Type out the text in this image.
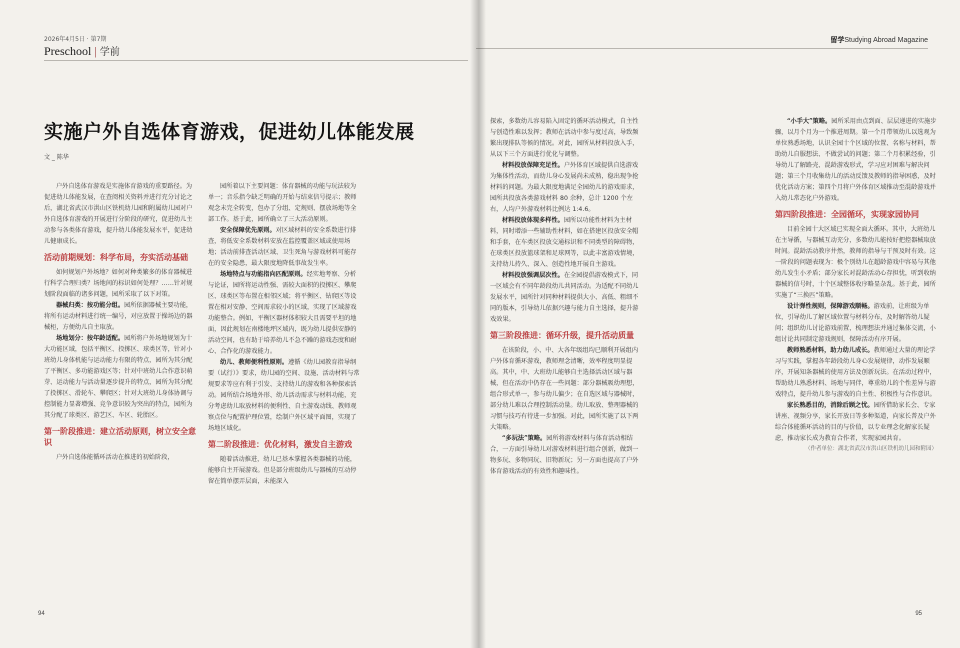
2026年4月5日 · 第7期
Preschool | 学前
实施户外自选体育游戏，促进幼儿体能发展
文 _ 陈华

户外自选体育游戏是实施体育游戏的重要路径。为促进幼儿体能发展，在查阅相关资料并进行充分讨论之后，湖北省武汉市洪山区铁机幼儿园和附属幼儿园对户外自选体育游戏的开展进行分阶段的研究，促进幼儿主动参与各类体育游戏，提升幼儿体能发展水平，促进幼儿健康成长。

活动前期规划：科学布局，夯实活动基础

如何规划户外场地？如何对种类繁多的体育器械进行科学合理归类？场地间的标识如何处理？……针对规划阶段面临的诸多问题，园所采取了以下对策。

器械归类：按功能分组。园所依据器械主要功能，将所有运动材料进行统一编号，对应放置于操场边的器械柜，方便幼儿自主取放。

场地划分：按年龄适配。园所将户外场地规划为十大功能区域，包括平衡区、投掷区、球类区等，针对小班幼儿身体机能与运动能力有限的特点，园所为其分配了平衡区、多功能游戏区等；针对中班幼儿合作意识萌芽、运动能力与活动量逐步提升的特点，园所为其分配了投掷区、滑轮车、攀爬区；针对大班幼儿身体协调与控制能力显著增强、竞争意识较为突出的特点，园所为其分配了球类区、游艺区、车区、轮胎区。

第一阶段推进：建立活动原则，树立安全意识

户外自选体能循环活动在推进的初始阶段，

园所着以下主要问题：体育器械的功能与玩法较为单一；音乐指令缺乏明确的开始与结束信号提示；教师观念未完全转变，包办了分组、定规则、摆放场地等全部工作。基于此，园所确立了三大活动原则。

安全保障优先原则。对区域材料的安全系数进行排查，将低安全系数材料安放在监控覆盖区域或使用场地；活动前排查活动区域、卫生死角与游戏材料可能存在的安全隐患，最大限度地降低事故发生率。

场地特点与功能指向匹配原则。经实地考察、分析与论证，园所将运动性强、需较大面积的投掷区、攀爬区、球类区等布置在相邻区域；将平衡区、钻爬区等设置在相对安静、空间需求较小的区域，实现了区域游戏功能整合。例如，平衡区器材体积较大且需要平坦的地面，因此规划在南楼地坪区域内，既为幼儿提供安静的活动空间，也有助于培养幼儿不急不躁的游戏态度和耐心、合作化的游戏能力。

幼儿、教师便利性原则。遵循《幼儿园教育指导纲要（试行）》要求，幼儿园的空间、设施、活动材料与常规要求等应有利于引发、支持幼儿的游戏和各种探索活动。园所结合场地外形、幼儿活动需求与材料功能，充分考虑幼儿取放材料的便利性、自主游戏动线、教师观察点位与配置护理位置，绘制户外区域平面图，实现了场地区域化。

第二阶段推进：优化材料，激发自主游戏

随着活动推进，幼儿已基本掌握各类器械的功能，能够自主开展游戏。但是部分班级幼儿与器械的互动停留在简单摆弄层面，未能深入

94
留学Studying Abroad Magazine

探索，多数幼儿容易陷入固定的循环活动模式，自主性与创造性难以发挥；教师在活动中参与度过高，导致频繁出现排队等候的情况。对此，园所从材料投放入手，从以下三个方面进行优化与调整。

材料投放保障充足性。户外体育区域提供自选游戏为集体性活动，而幼儿身心发展尚未成熟，稳出现争抢材料的问题。为最大限度地满足全园幼儿的游戏需求，园所共投放各类游戏材料 80 余种，总计 1200 个左右，人均户外游戏材料比例达 1:4.6。

材料投放体现多样性。园所以功能性材料为主材料，同时增添一些辅助性材料，如在搭建区投放安全帽和手套，在车类区投放交通标识和不同类型的障碍物，在球类区投放篮球架和足球网等，以此丰富游戏情境，支持幼儿持久、深入、创造性地开展自主游戏。

材料投放强调层次性。在全园提倡游戏模式下，同一区域会有不同年龄段幼儿共同活动。为适配不同幼儿发展水平，园所针对同种材料提供大小、高低、粗细不同的版本，引导幼儿依据兴趣与能力自主选择，提升游戏效果。

第三阶段推进：循环升级，提升活动质量

在该阶段，小、中、大各年级组均已顺利开展组内户外体育循环游戏，教师理念清晰，效率程度明显提高。其中，中、大班幼儿能够自主选择活动区域与器械，但在活动中仍存在一些问题：部分器械吸幼理想，组合形式单一，参与幼儿偏少；在自选区域与器械时，部分幼儿难以合理控制活动量。幼儿取放、整理器械的习惯与技巧有待进一步加强。对此，园所实施了以下两大策略。

“多玩法”策略。园所将游戏材料与体育活动相结合，一方面引导幼儿对游戏材料进行组合创新，做到一物多玩、多物同玩、旧物新玩；另一方面也提高了户外体育游戏活动的有效性和趣味性。

“小手大”策略。园所采用由点到面、层层递进的实施步骤，以月个月为一个推进周期。第一个月带领幼儿以选观为单位熟悉场地，认识全园十个区域的位置、名称与材料，帮助幼儿自服想法、不做尝试的问题；第二个月积累经验，引导幼儿了解路壳、混龄游戏形式，学习应对困难与解决问题；第三个月收集幼儿的活动反馈及教师的指导困惑，及时优化活动方案；第四个月将户外体育区域推动至混龄游戏并入幼儿常态化户外游戏。

第四阶段推进：全园循环，实现家园协同

目前全园十大区域已实现全面大循环。其中，大班幼儿在主导循，与器械互动充分，多数幼儿能按好把控器械取放时间。混龄活动教序井然，教师的指导与干预及时有效。这一阶段的问题表现为：极个别幼儿在超龄游戏中容易与其他幼儿发生小矛盾；部分家长对混龄活动心存担忧，听到收纳器械的信号时，十个区域整体收序略显杂乱。基于此，园所实施了“三换匹”策略。

设计弹性规则，保障游戏顺畅。游戏前，让班级为单位，引导幼儿了解区域位置与材料分布，及时解答幼儿疑问；组织幼儿讨论游戏前置，梳理想法并通过集体交流，小组讨论共同制定游戏规则，保障活动有序开展。

教师熟悉材料，助力幼儿成长。教师通过大量的理论学习与实践，掌握各年龄段幼儿身心发展规律，动作发展顺序，开展知条器械的使用方法及创新玩法。在活动过程中，帮助幼儿熟悉材料、场地与同伴，尊重幼儿的个性差异与游戏特点，提升幼儿参与游戏的自主性、积极性与合作意识。

家长熟悉目的，消除后顾之忧。园所借助家长会、专家讲座、视频分享，家长开放日等多种渠道，向家长普及户外综合体能循环活动的目的与价值，以专业理念化解家长疑虑，推动家长成为教育合作者，实现家园共育。

（作者单位：湖北省武汉市洪山区铁机幼儿园和附园）

95
